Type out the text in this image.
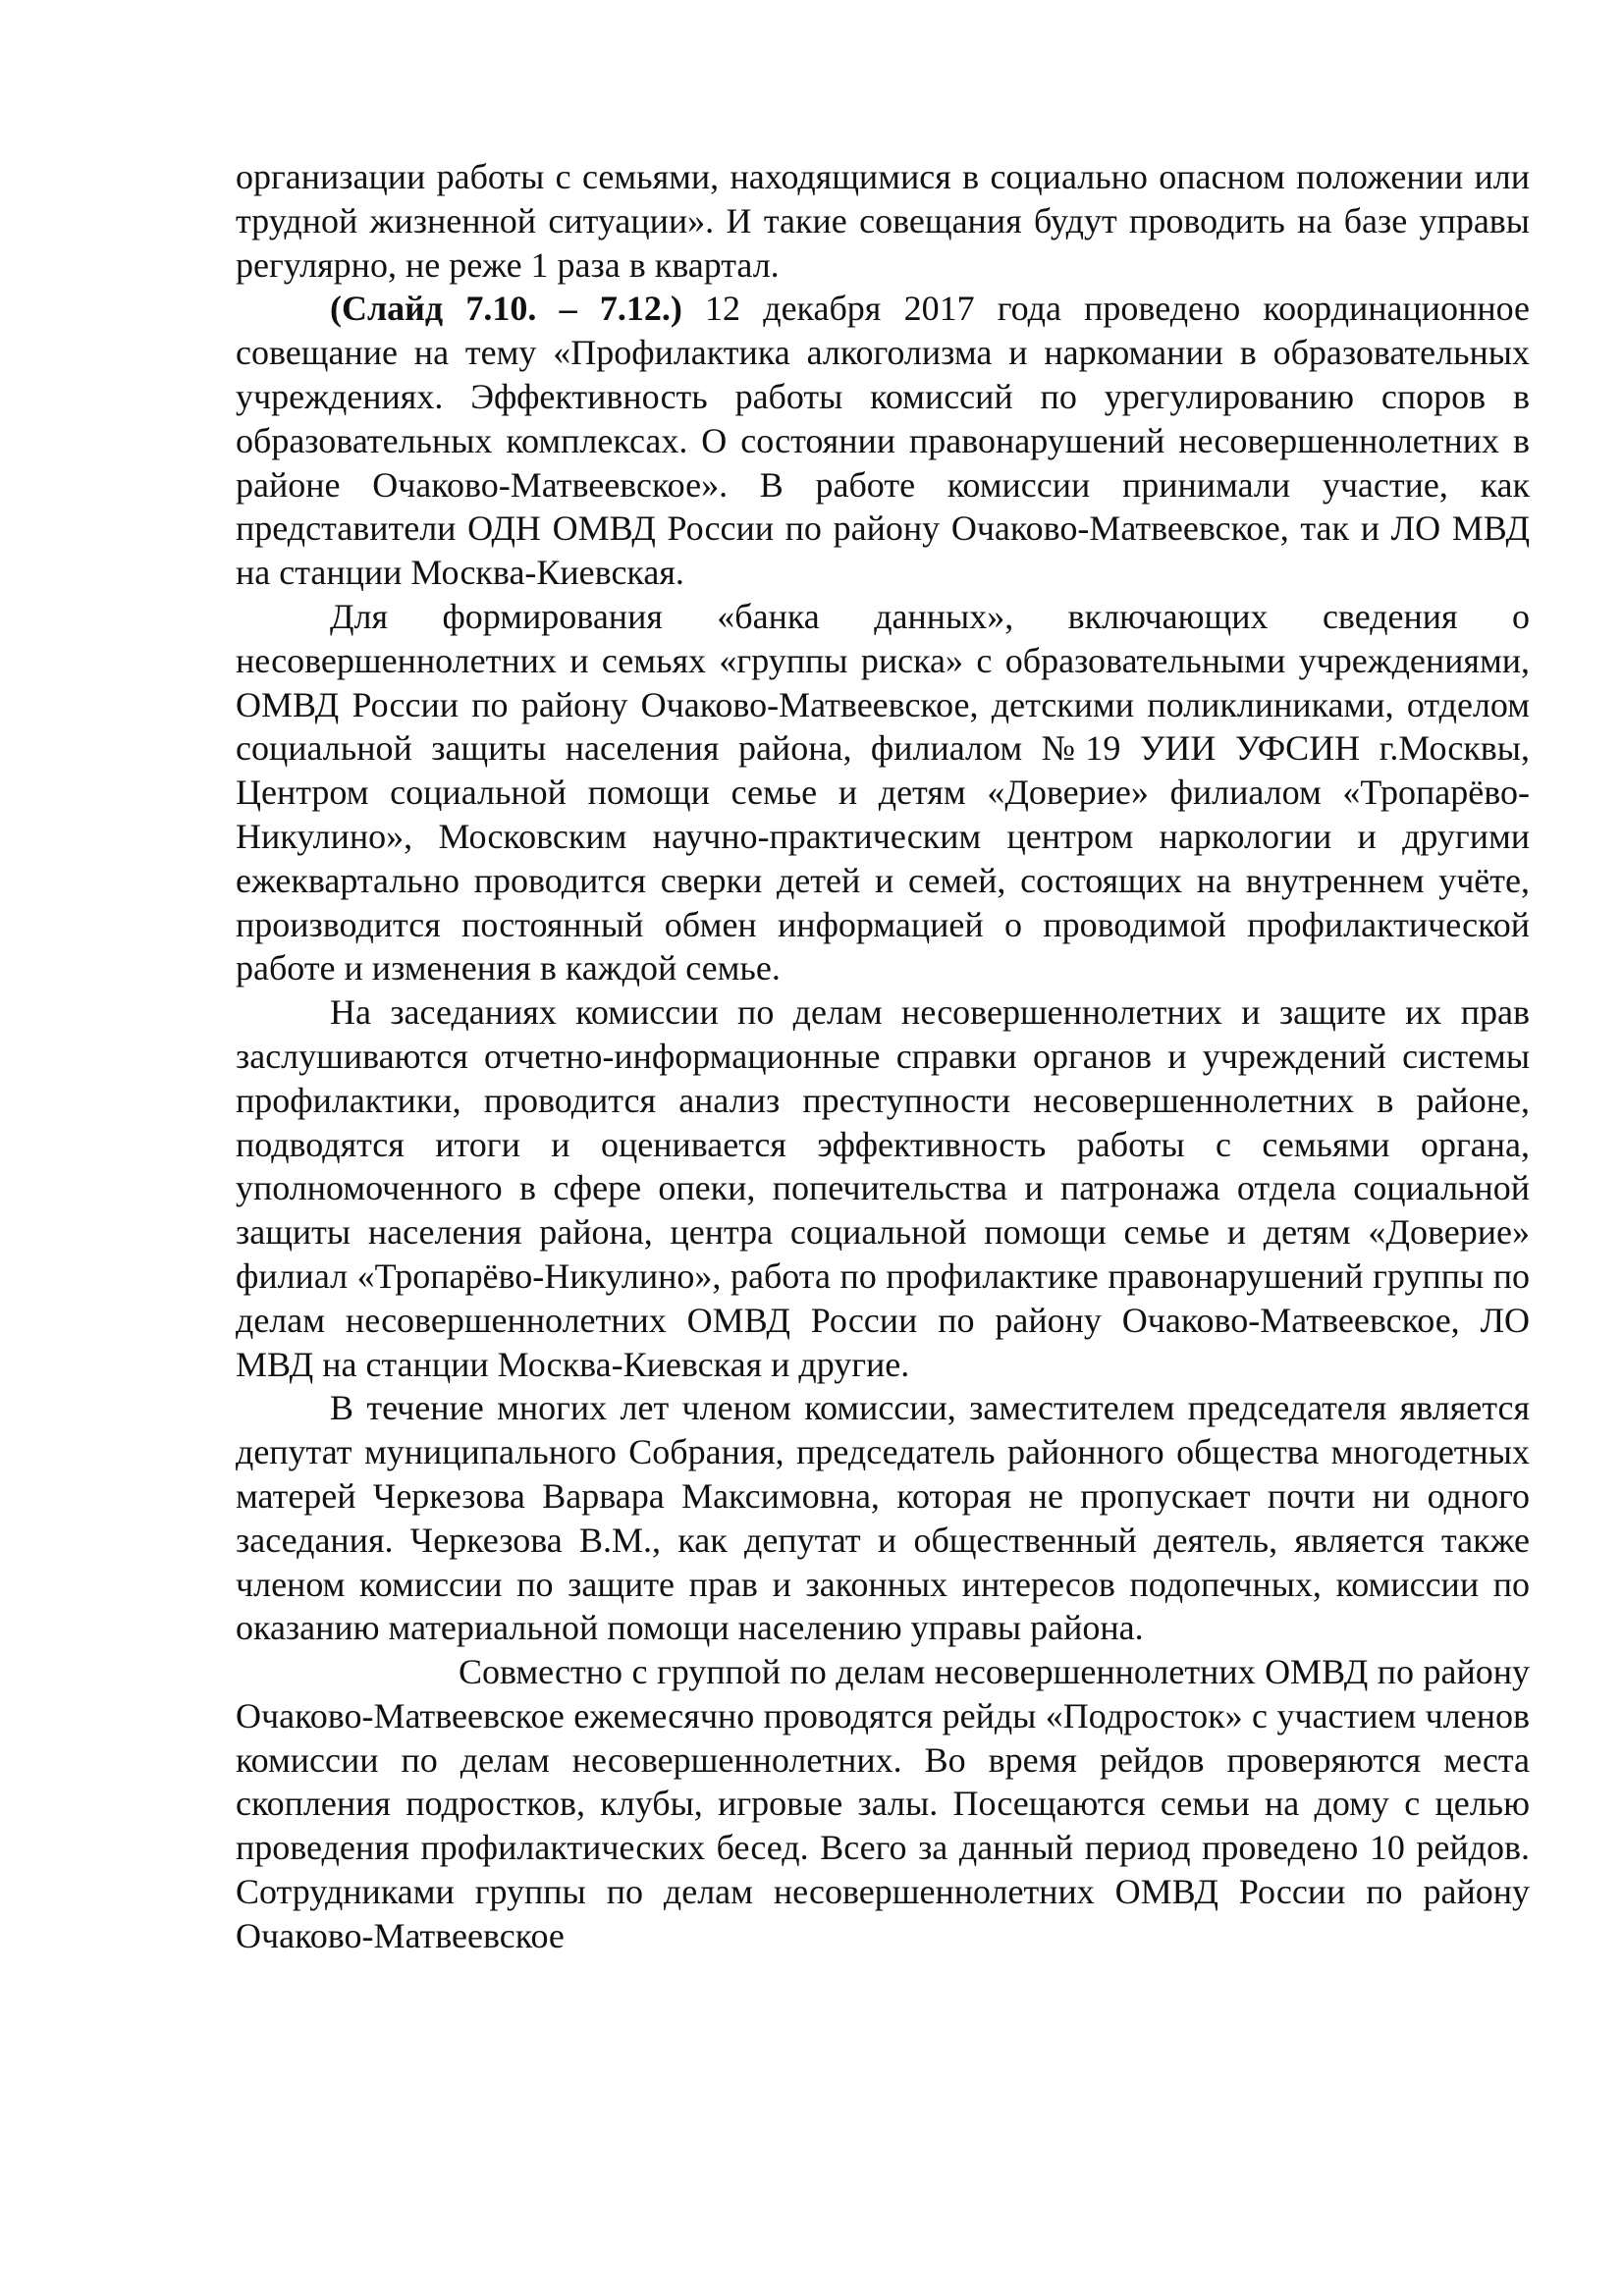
организации работы с семьями, находящимися в социально опасном положении или трудной жизненной ситуации». И такие совещания будут проводить на базе управы регулярно, не реже 1 раза в квартал.

(Слайд 7.10. – 7.12.) 12 декабря 2017 года проведено координационное совещание на тему «Профилактика алкоголизма и наркомании в образовательных учреждениях. Эффективность работы комиссий по урегулированию споров в образовательных комплексах. О состоянии правонарушений несовершеннолетних в районе Очаково-Матвеевское». В работе комиссии принимали участие, как представители ОДН ОМВД России по району Очаково-Матвеевское, так и ЛО МВД на станции Москва-Киевская.

Для формирования «банка данных», включающих сведения о несовершеннолетних и семьях «группы риска» с образовательными учреждениями, ОМВД России по району Очаково-Матвеевское, детскими поликлиниками, отделом социальной защиты населения района, филиалом №19 УИИ УФСИН г.Москвы, Центром социальной помощи семье и детям «Доверие» филиалом «Тропарёво-Никулино», Московским научно-практическим центром наркологии и другими ежеквартально проводится сверки детей и семей, состоящих на внутреннем учёте, производится постоянный обмен информацией о проводимой профилактической работе и изменения в каждой семье.

На заседаниях комиссии по делам несовершеннолетних и защите их прав заслушиваются отчетно-информационные справки органов и учреждений системы профилактики, проводится анализ преступности несовершеннолетних в районе, подводятся итоги и оценивается эффективность работы с семьями органа, уполномоченного в сфере опеки, попечительства и патронажа отдела социальной защиты населения района, центра социальной помощи семье и детям «Доверие» филиал «Тропарёво-Никулино», работа по профилактике правонарушений группы по делам несовершеннолетних ОМВД России по району Очаково-Матвеевское, ЛО МВД на станции Москва-Киевская и другие.

В течение многих лет членом комиссии, заместителем председателя является депутат муниципального Собрания, председатель районного общества многодетных матерей Черкезова Варвара Максимовна, которая не пропускает почти ни одного заседания. Черкезова В.М., как депутат и общественный деятель, является также членом комиссии по защите прав и законных интересов подопечных, комиссии по оказанию материальной помощи населению управы района.

Совместно с группой по делам несовершеннолетних ОМВД по району Очаково-Матвеевское ежемесячно проводятся рейды «Подросток» с участием членов комиссии по делам несовершеннолетних. Во время рейдов проверяются места скопления подростков, клубы, игровые залы. Посещаются семьи на дому с целью проведения профилактических бесед. Всего за данный период проведено 10 рейдов. Сотрудниками группы по делам несовершеннолетних ОМВД России по району Очаково-Матвеевское
